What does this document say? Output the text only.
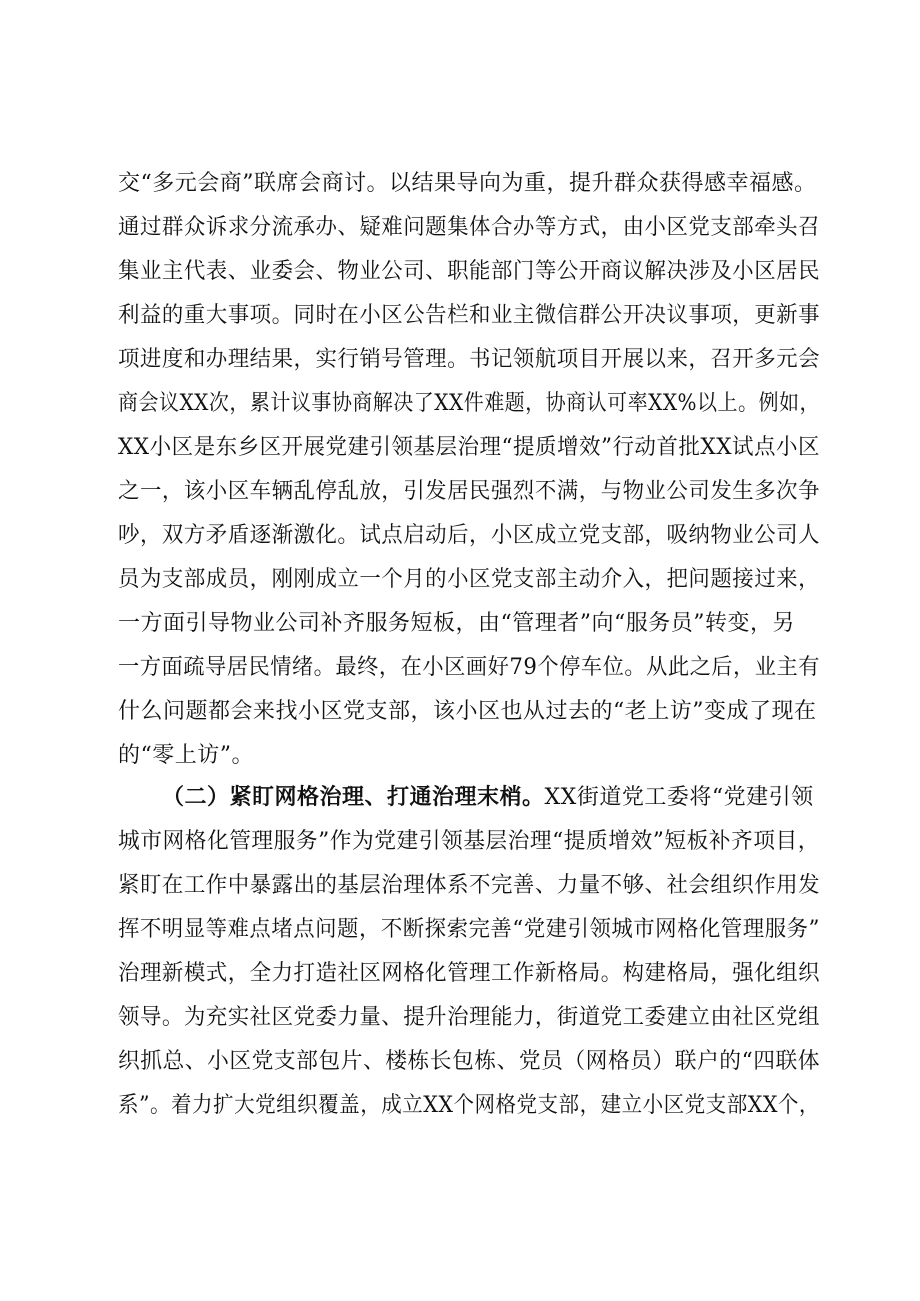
交“多元会商”联席会商讨。以结果导向为重，提升群众获得感幸福感。
通过群众诉求分流承办、疑难问题集体合办等方式，由小区党支部牵头召
集业主代表、业委会、物业公司、职能部门等公开商议解决涉及小区居民
利益的重大事项。同时在小区公告栏和业主微信群公开决议事项，更新事
项进度和办理结果，实行销号管理。书记领航项目开展以来，召开多元会
商会议XX次，累计议事协商解决了XX件难题，协商认可率XX%以上。例如，
XX小区是东乡区开展党建引领基层治理“提质增效”行动首批XX试点小区
之一，该小区车辆乱停乱放，引发居民强烈不满，与物业公司发生多次争
吵，双方矛盾逐渐激化。试点启动后，小区成立党支部，吸纳物业公司人
员为支部成员，刚刚成立一个月的小区党支部主动介入，把问题接过来，
一方面引导物业公司补齐服务短板，由“管理者”向“服务员”转变，另
一方面疏导居民情绪。最终，在小区画好79个停车位。从此之后，业主有
什么问题都会来找小区党支部，该小区也从过去的“老上访”变成了现在
的“零上访”。
（二）紧盯网格治理、打通治理末梢。 XX街道党工委将“党建引领
城市网格化管理服务”作为党建引领基层治理“提质增效”短板补齐项目，
紧盯在工作中暴露出的基层治理体系不完善、力量不够、社会组织作用发
挥不明显等难点堵点问题，不断探索完善“党建引领城市网格化管理服务”
治理新模式，全力打造社区网格化管理工作新格局。构建格局，强化组织
领导。为充实社区党委力量、提升治理能力，街道党工委建立由社区党组
织抓总、小区党支部包片、楼栋长包栋、党员（网格员）联户的“四联体
系”。着力扩大党组织覆盖，成立XX个网格党支部，建立小区党支部XX个，
